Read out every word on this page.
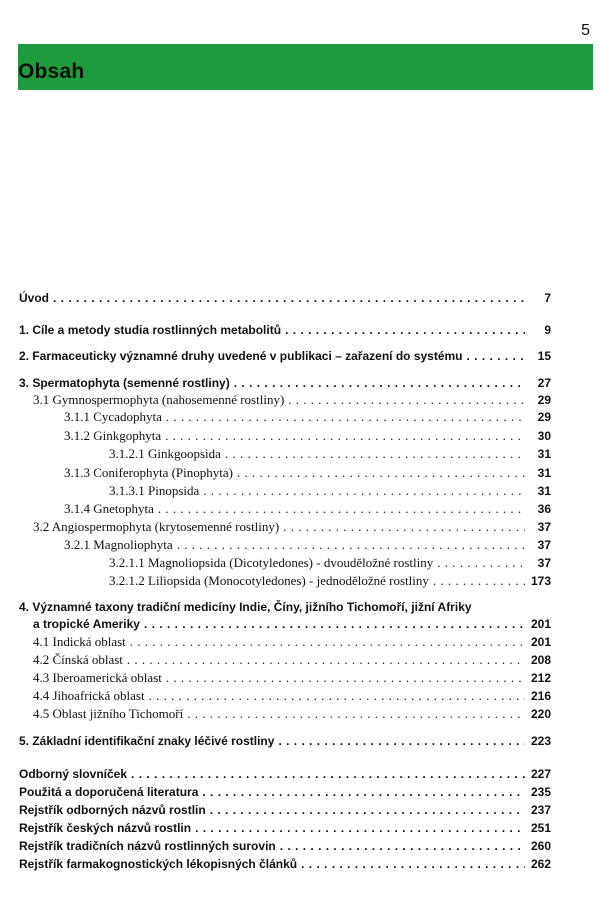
5
Obsah
Úvod . . .	7
1. Cíle a metody studia rostlinných metabolitů . . .	9
2. Farmaceuticky významné druhy uvedené v publikaci – zařazení do systému . . .	15
3. Spermatophyta (semenné rostliny) . . .	27
3.1 Gymnospermophyta (nahosemenné rostliny) . . .	29
3.1.1 Cycadophyta . . .	29
3.1.2 Ginkgophyta . . .	30
3.1.2.1 Ginkgoopsida . . .	31
3.1.3 Coniferophyta (Pinophyta) . . .	31
3.1.3.1 Pinopsida . . .	31
3.1.4 Gnetophyta . . .	36
3.2 Angiospermophyta (krytosemenné rostliny) . . .	37
3.2.1 Magnoliophyta . . .	37
3.2.1.1 Magnoliopsida (Dicotyledones) - dvouděložné rostliny . . .	37
3.2.1.2 Liliopsida (Monocotyledones) - jednoděložné rostliny . . .	173
4. Významné taxony tradiční medicíny Indie, Číny, jižního Tichomoří, jižní Afriky
a tropické Ameriky . . .	201
4.1 Indická oblast . . .	201
4.2 Čínská oblast . . .	208
4.3 Iberoamerická oblast . . .	212
4.4 Jihoafrická oblast . . .	216
4.5 Oblast jižního Tichomoří . . .	220
5. Základní identifikační znaky léčivé rostliny . . .	223
Odborný slovníček . . .	227
Použitá a doporučená literatura . . .	235
Rejstřík odborných názvů rostlin . . .	237
Rejstřík českých názvů rostlin . . .	251
Rejstřík tradičních názvů rostlinných surovin . . .	260
Rejstřík farmakognostických lékopisných článků . . .	262
